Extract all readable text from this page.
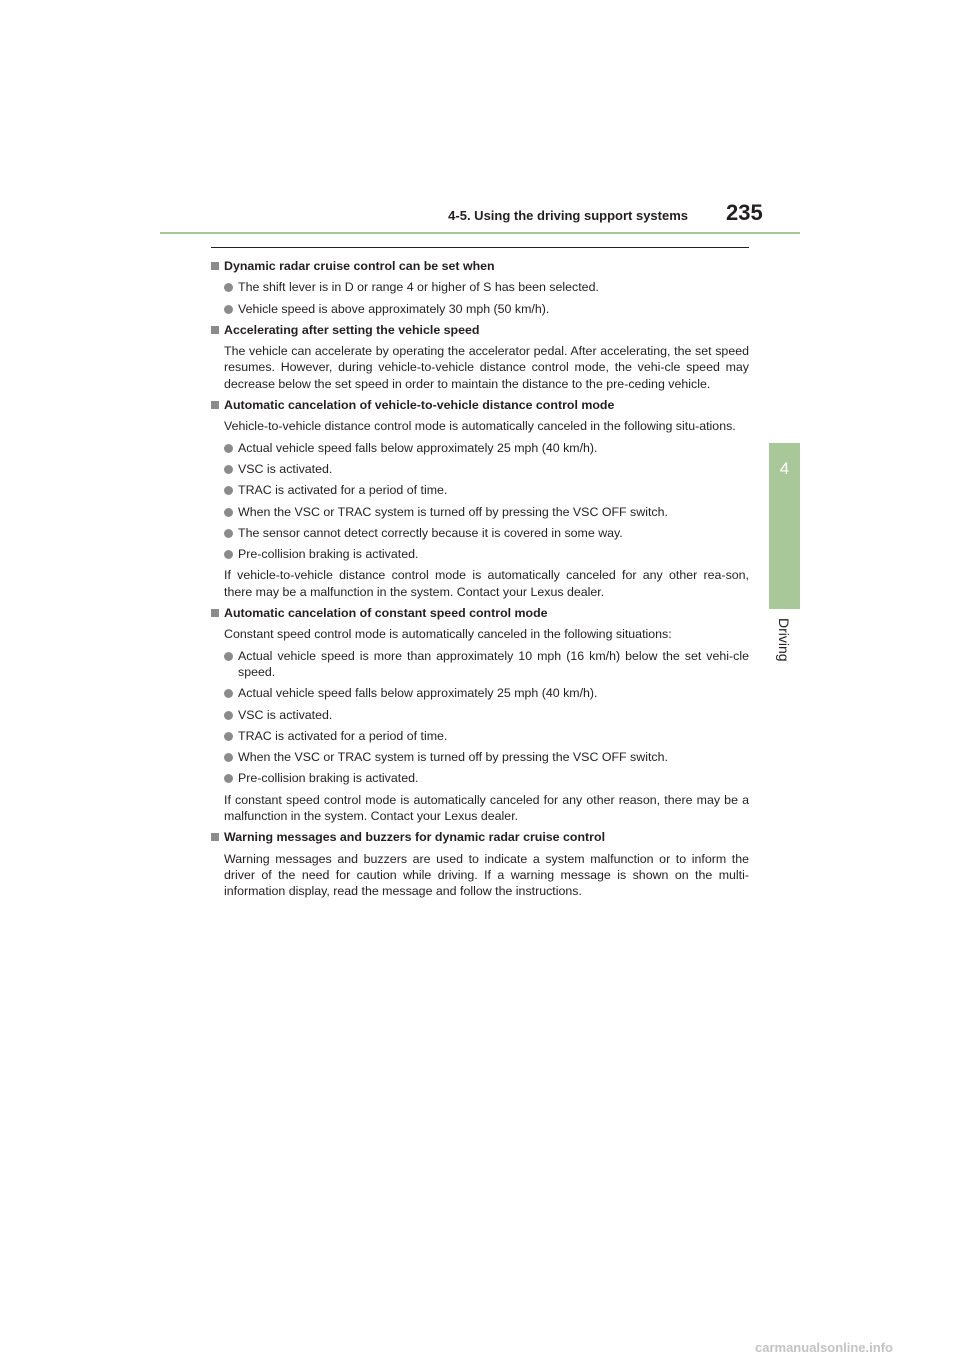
4-5. Using the driving support systems 235
4
Driving
Dynamic radar cruise control can be set when
The shift lever is in D or range 4 or higher of S has been selected.
Vehicle speed is above approximately 30 mph (50 km/h).
Accelerating after setting the vehicle speed
The vehicle can accelerate by operating the accelerator pedal. After accelerating, the set speed resumes. However, during vehicle-to-vehicle distance control mode, the vehi-cle speed may decrease below the set speed in order to maintain the distance to the pre-ceding vehicle.
Automatic cancelation of vehicle-to-vehicle distance control mode
Vehicle-to-vehicle distance control mode is automatically canceled in the following situ-ations.
Actual vehicle speed falls below approximately 25 mph (40 km/h).
VSC is activated.
TRAC is activated for a period of time.
When the VSC or TRAC system is turned off by pressing the VSC OFF switch.
The sensor cannot detect correctly because it is covered in some way.
Pre-collision braking is activated.
If vehicle-to-vehicle distance control mode is automatically canceled for any other rea-son, there may be a malfunction in the system. Contact your Lexus dealer.
Automatic cancelation of constant speed control mode
Constant speed control mode is automatically canceled in the following situations:
Actual vehicle speed is more than approximately 10 mph (16 km/h) below the set vehi-cle speed.
Actual vehicle speed falls below approximately 25 mph (40 km/h).
VSC is activated.
TRAC is activated for a period of time.
When the VSC or TRAC system is turned off by pressing the VSC OFF switch.
Pre-collision braking is activated.
If constant speed control mode is automatically canceled for any other reason, there may be a malfunction in the system. Contact your Lexus dealer.
Warning messages and buzzers for dynamic radar cruise control
Warning messages and buzzers are used to indicate a system malfunction or to inform the driver of the need for caution while driving. If a warning message is shown on the multi-information display, read the message and follow the instructions.
carmanualsonline.info
